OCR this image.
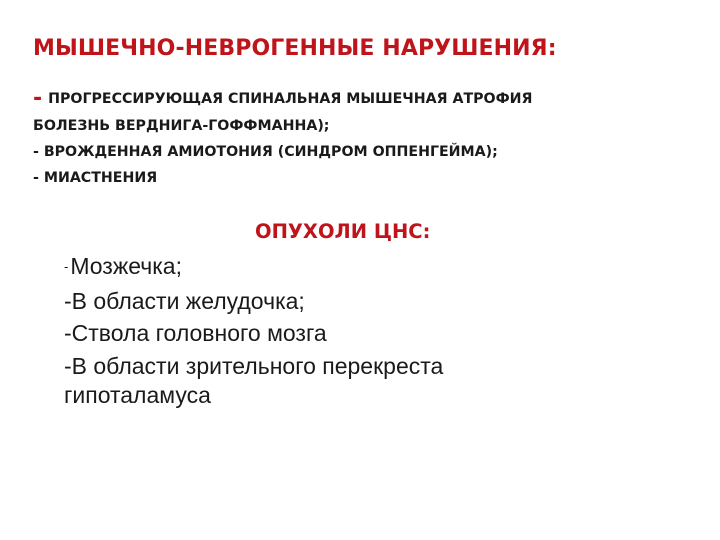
МЫШЕЧНО-НЕВРОГЕННЫЕ НАРУШЕНИЯ:
- ПРОГРЕССИРУЮЩАЯ СПИНАЛЬНАЯ МЫШЕЧНАЯ АТРОФИЯ
БОЛЕЗНЬ ВЕРДНИГА-ГОФФМАННА);
- ВРОЖДЕННАЯ АМИОТОНИЯ (СИНДРОМ ОППЕНГЕЙМА);
- МИАСТНЕНИЯ
ОПУХОЛИ ЦНС:
-Мозжечка;
-В области желудочка;
-Ствола головного мозга
-В области зрительного перекреста
гипоталамуса
